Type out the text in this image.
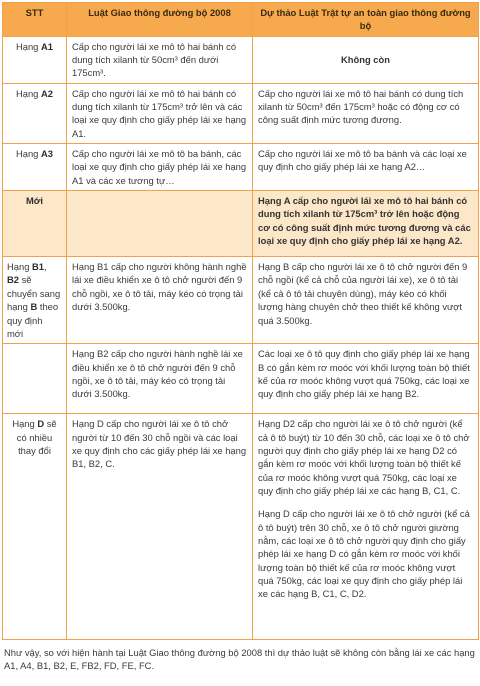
STT	Luật Giao thông đường bộ 2008	Dự thảo Luật Trật tự an toàn giao thông đường bộ
Hạng A1	Cấp cho người lái xe mô tô hai bánh có dung tích xilanh từ 50cm³ đến dưới 175cm³.	Không còn
Hạng A2	Cấp cho người lái xe mô tô hai bánh có dung tích xilanh từ 175cm³ trở lên và các loại xe quy định cho giấy phép lái xe hạng A1.	Cấp cho người lái xe mô tô hai bánh có dung tích xilanh từ 50cm³ đến 175cm³ hoặc có động cơ có công suất định mức tương đương.
Hạng A3	Cấp cho người lái xe mô tô ba bánh, các loại xe quy định cho giấy phép lái xe hạng A1 và các xe tương tự…	Cấp cho người lái xe mô tô ba bánh và các loại xe quy định cho giấy phép lái xe hạng A2…
Mới		Hạng A cấp cho người lái xe mô tô hai bánh có dung tích xilanh từ 175cm³ trở lên hoặc động cơ có công suất định mức tương đương và các loại xe quy định cho giấy phép lái xe hạng A2.
Hạng B1, B2 sẽ chuyển sang hạng B theo quy định mới	Hạng B1 cấp cho người không hành nghề lái xe điều khiển xe ô tô chở người đến 9 chỗ ngồi, xe ô tô tải, máy kéo có trọng tải dưới 3.500kg.	Hạng B cấp cho người lái xe ô tô chở người đến 9 chỗ ngồi (kể cả chỗ của người lái xe), xe ô tô tải (kể cả ô tô tải chuyên dùng), máy kéo có khối lượng hàng chuyên chở theo thiết kế không vượt quá 3.500kg.
	Hạng B2 cấp cho người hành nghề lái xe điều khiển xe ô tô chở người đến 9 chỗ ngồi, xe ô tô tải, máy kéo có trọng tải dưới 3.500kg.	Các loại xe ô tô quy định cho giấy phép lái xe hạng B có gắn kèm rơ moóc với khối lượng toàn bộ thiết kế của rơ moóc không vượt quá 750kg, các loại xe quy định cho giấy phép lái xe hạng B2.
Hạng D sẽ có nhiều thay đổi	Hạng D cấp cho người lái xe ô tô chở người từ 10 đến 30 chỗ ngồi và các loại xe quy định cho các giấy phép lái xe hạng B1, B2, C.	Hạng D2 cấp cho người lái xe ô tô chở người (kể cả ô tô buýt) từ 10 đến 30 chỗ, các loại xe ô tô chở người quy định cho giấy phép lái xe hạng D2 có gắn kèm rơ moóc với khối lượng toàn bộ thiết kế của rơ moóc không vượt quá 750kg, các loại xe quy định cho giấy phép lái xe các hạng B, C1, C.
Hạng D cấp cho người lái xe ô tô chở người (kể cả ô tô buýt) trên 30 chỗ, xe ô tô chở người giường nằm, các loại xe ô tô chở người quy định cho giấy phép lái xe hạng D có gắn kèm rơ moóc với khối lượng toàn bộ thiết kế của rơ moóc không vượt quá 750kg, các loại xe quy định cho giấy phép lái xe các hạng B, C1, C, D2.
Như vậy, so với hiện hành tại Luật Giao thông đường bộ 2008 thì dự thảo luật sẽ không còn bằng lái xe các hạng A1, A4, B1, B2, E, FB2, FD, FE, FC.
